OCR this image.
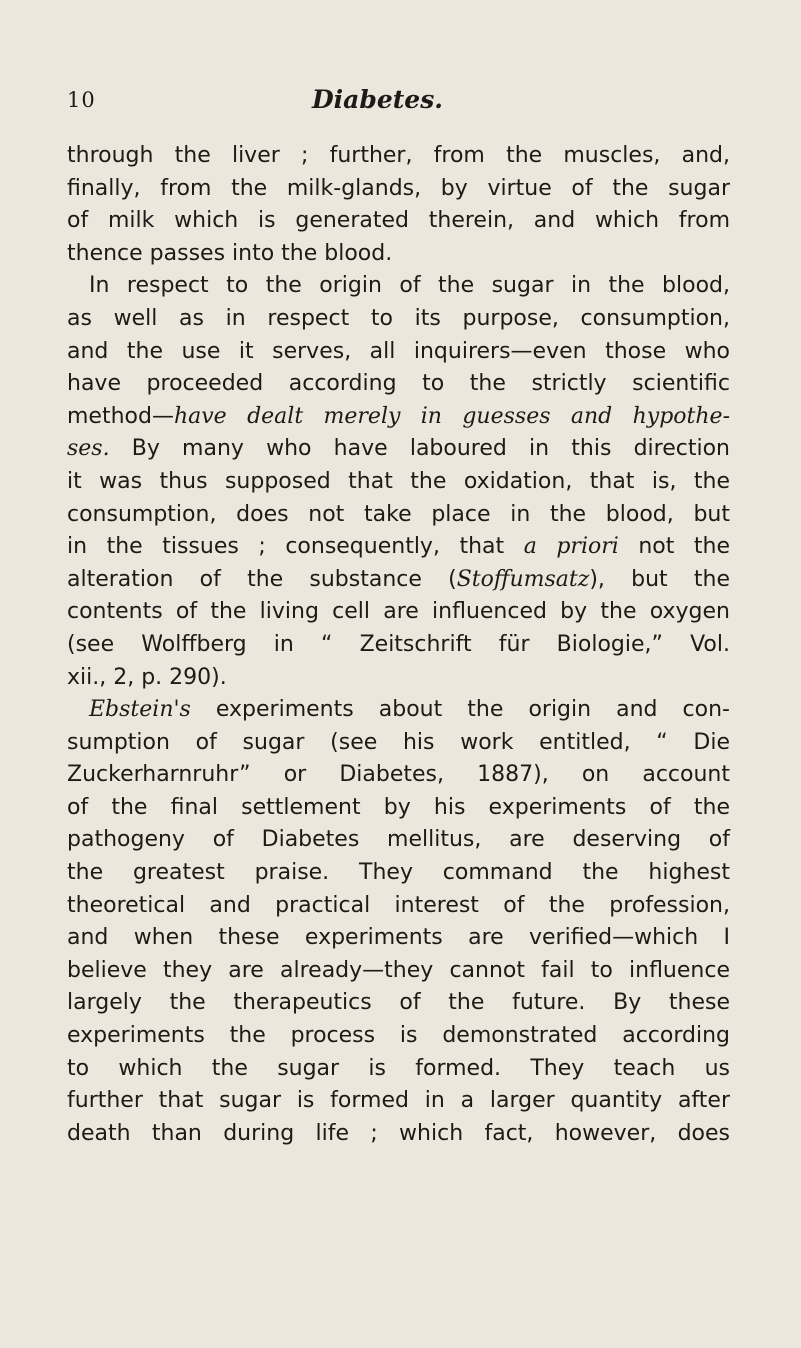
10	Diabetes.
through the liver ; further, from the muscles, and,
finally, from the milk-glands, by virtue of the sugar
of milk which is generated therein, and which from
thence passes into the blood.
In respect to the origin of the sugar in the blood,
as well as in respect to its purpose, consumption,
and the use it serves, all inquirers—even those who
have proceeded according to the strictly scientific
method—have dealt merely in guesses and hypothe-
ses. By many who have laboured in this direction
it was thus supposed that the oxidation, that is, the
consumption, does not take place in the blood, but
in the tissues ; consequently, that a priori not the
alteration of the substance (Stoffumsatz), but the
contents of the living cell are influenced by the oxygen
(see Wolffberg in “ Zeitschrift für Biologie,” Vol.
xii., 2, p. 290).
Ebstein's experiments about the origin and con-
sumption of sugar (see his work entitled, “ Die
Zuckerharnruhr” or Diabetes, 1887), on account
of the final settlement by his experiments of the
pathogeny of Diabetes mellitus, are deserving of
the greatest praise. They command the highest
theoretical and practical interest of the profession,
and when these experiments are verified—which I
believe they are already—they cannot fail to influence
largely the therapeutics of the future. By these
experiments the process is demonstrated according
to which the sugar is formed. They teach us
further that sugar is formed in a larger quantity after
death than during life ; which fact, however, does
